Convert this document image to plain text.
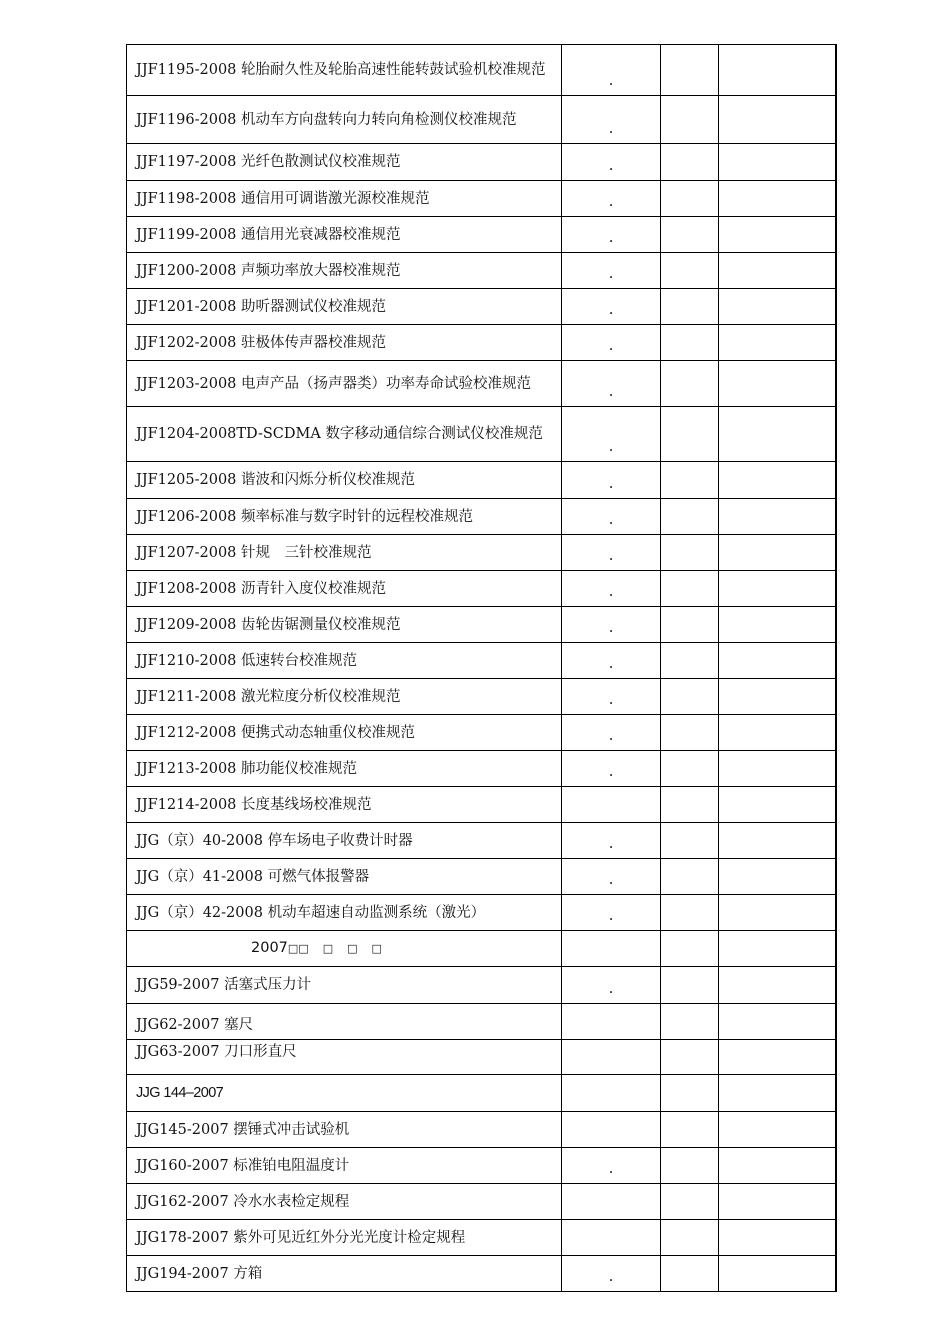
JJF1195-2008 轮胎耐久性及轮胎高速性能转鼓试验机校准规范	.		
JJF1196-2008 机动车方向盘转向力转向角检测仪校准规范	.		
JJF1197-2008 光纤色散测试仪校准规范	.		
JJF1198-2008 通信用可调谐激光源校准规范	.		
JJF1199-2008 通信用光衰减器校准规范	.		
JJF1200-2008 声频功率放大器校准规范	.		
JJF1201-2008 助听器测试仪校准规范	.		
JJF1202-2008 驻极体传声器校准规范	.		
JJF1203-2008 电声产品（扬声器类）功率寿命试验校准规范	.		
JJF1204-2008TD-SCDMA 数字移动通信综合测试仪校准规范	.		
JJF1205-2008 谐波和闪烁分析仪校准规范	.		
JJF1206-2008 频率标准与数字时针的远程校准规范	.		
JJF1207-2008 针规　三针校准规范	.		
JJF1208-2008 沥青针入度仪校准规范	.		
JJF1209-2008 齿轮齿锯测量仪校准规范	.		
JJF1210-2008 低速转台校准规范	.		
JJF1211-2008 激光粒度分析仪校准规范	.		
JJF1212-2008 便携式动态轴重仪校准规范	.		
JJF1213-2008 肺功能仪校准规范	.		
JJF1214-2008 长度基线场校准规范			
JJG（京）40-2008 停车场电子收费计时器	.		
JJG（京）41-2008 可燃气体报警器	.		
JJG（京）42-2008 机动车超速自动监测系统（激光）	.		
2007□□ □ □ □			
JJG59-2007 活塞式压力计	.		
JJG62-2007 塞尺			
JJG63-2007 刀口形直尺			
JJG 144–2007			
JJG145-2007 摆锤式冲击试验机			
JJG160-2007 标准铂电阻温度计	.		
JJG162-2007 冷水水表检定规程			
JJG178-2007 紫外可见近红外分光光度计检定规程			
JJG194-2007 方箱	.		
